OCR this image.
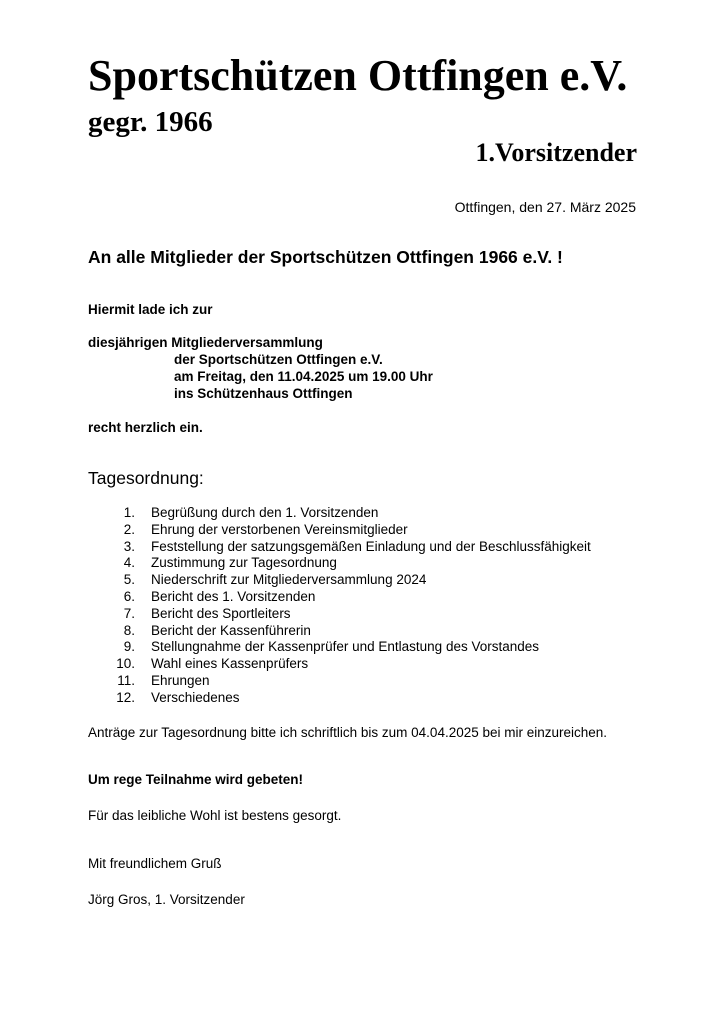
Sportschützen Ottfingen e.V.
gegr. 1966
1.Vorsitzender
Ottfingen, den 27. März 2025
An alle Mitglieder der Sportschützen Ottfingen 1966 e.V. !
Hiermit lade ich zur
diesjährigen Mitgliederversammlung
der Sportschützen Ottfingen e.V.
am Freitag, den 11.04.2025 um 19.00 Uhr
ins Schützenhaus Ottfingen
recht herzlich ein.
Tagesordnung:
1. Begrüßung durch den 1. Vorsitzenden
2. Ehrung der verstorbenen Vereinsmitglieder
3. Feststellung der satzungsgemäßen Einladung und der Beschlussfähigkeit
4. Zustimmung zur Tagesordnung
5. Niederschrift zur Mitgliederversammlung 2024
6. Bericht des 1. Vorsitzenden
7. Bericht des Sportleiters
8. Bericht der Kassenführerin
9. Stellungnahme der Kassenprüfer und Entlastung des Vorstandes
10. Wahl eines Kassenprüfers
11. Ehrungen
12. Verschiedenes
Anträge zur Tagesordnung bitte ich schriftlich bis zum 04.04.2025 bei mir einzureichen.
Um rege Teilnahme wird gebeten!
Für das leibliche Wohl ist bestens gesorgt.
Mit freundlichem Gruß
Jörg Gros, 1. Vorsitzender
